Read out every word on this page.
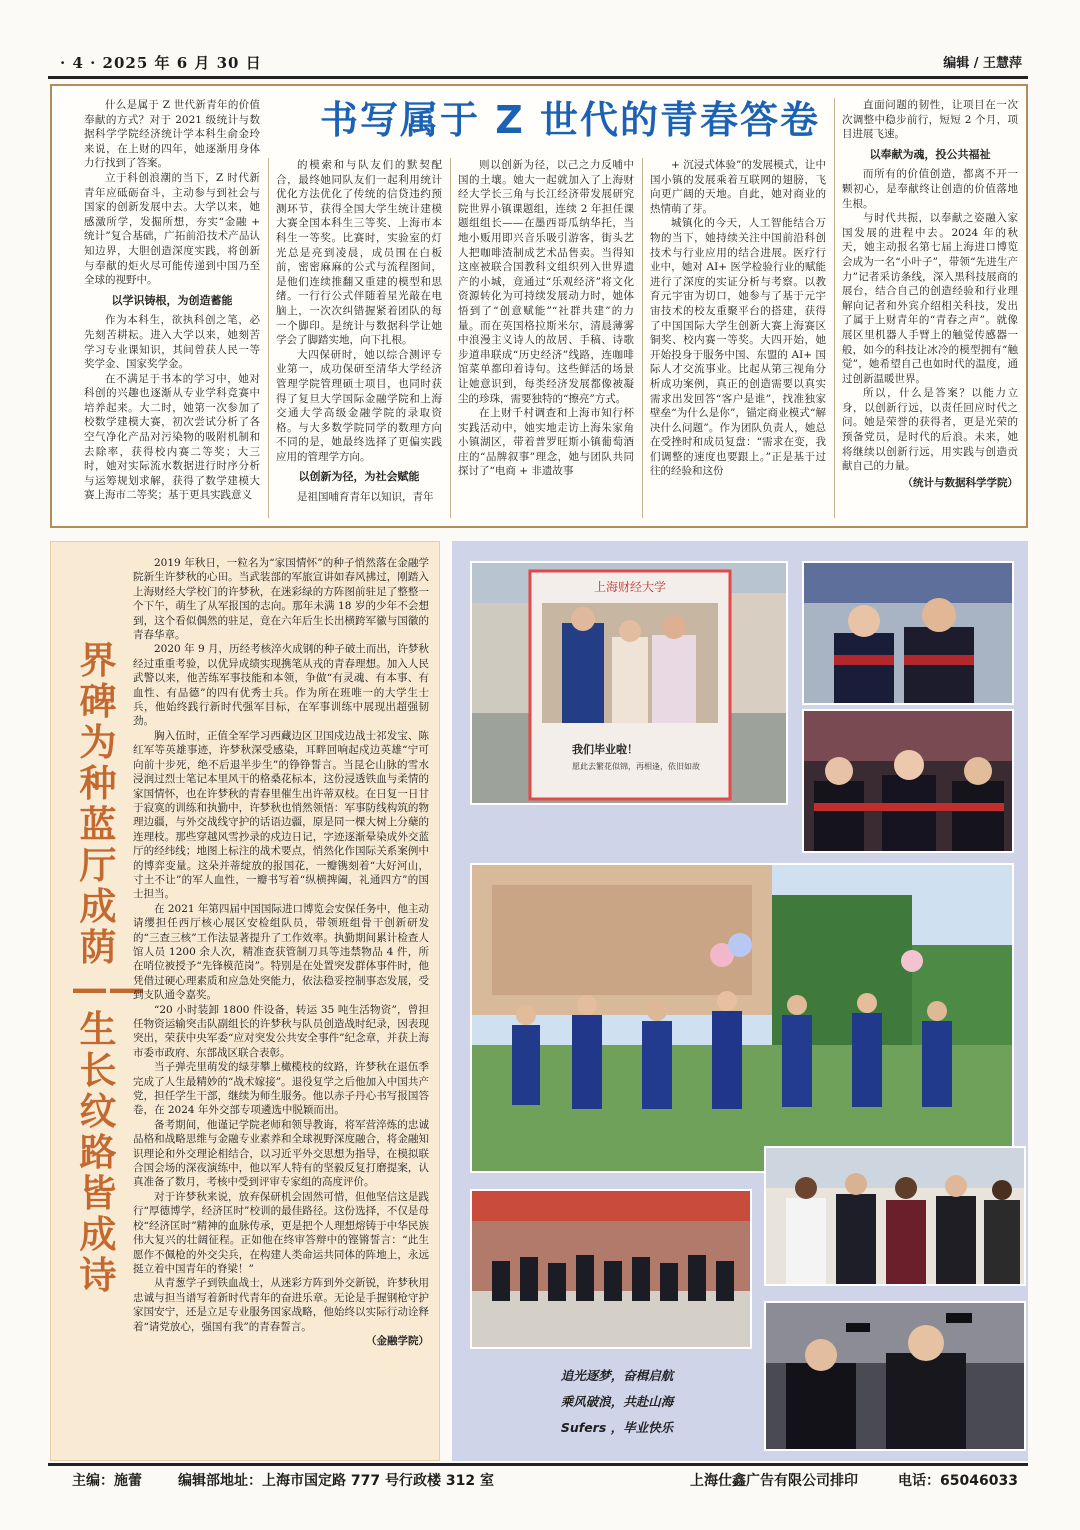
· 4 · 2025 年 6 月 30 日	编辑 / 王慧萍
书写属于 Z 世代的青春答卷

什么是属于 Z 世代新青年的价值奉献的方式？对于 2021 级统计与数据科学学院经济统计学本科生俞金玲来说，在上财的四年，她逐渐用身体力行找到了答案。

立于科创浪潮的当下，Z 时代新青年应砥砺奋斗，主动参与到社会与国家的创新发展中去。大学以来，她感激所学，发掘所想，夯实“金融 + 统计”复合基础，广拓前沿技术产品认知边界，大胆创造深度实践，将创新与奉献的炬火尽可能传递到中国乃至全球的视野中。

以学识铸根，为创造蓄能

作为本科生，欲执科创之笔，必先刻苦耕耘。进入大学以来，她刻苦学习专业课知识，其间曾获人民一等奖学金、国家奖学金。

在不满足于书本的学习中，她对科创的兴趣也逐渐从专业学科竞赛中培养起来。大二时，她第一次参加了校数学建模大赛，初次尝试分析了各空气净化产品对污染物的吸附机制和去除率，获得校内赛二等奖；大三时，她对实际流水数据进行时序分析与运筹规划求解，获得了数学建模大赛上海市二等奖；基于更具实践意义

的模索和与队友们的默契配合，最终她同队友们一起利用统计优化方法优化了传统的信贷违约预测环节，获得全国大学生统计建模大赛全国本科生三等奖、上海市本科生一等奖。比赛时，实验室的灯光总是亮到凌晨，成员围在白板前，密密麻麻的公式与流程图间，是他们连续推翻又重建的模型和思绪。一行行公式伴随着星光敲在电脑上，一次次纠错握紧着团队的每一个脚印。是统计与数据科学让她学会了脚踏实地，向下扎根。

大四保研时，她以综合测评专业第一，成功保研至清华大学经济管理学院管理硕士项目，也同时获得了复旦大学国际金融学院和上海交通大学高级金融学院的录取资格。与大多数学院同学的数理方向不同的是，她最终选择了更偏实践应用的管理学方向。

以创新为径，为社会赋能

是祖国哺育青年以知识，青年

则以创新为径，以己之力反哺中国的土壤。她大一起就加入了上海财经大学长三角与长江经济带发展研究院世界小镇课题组，连续 2 年担任课题组组长——在墨西哥瓜纳华托，当地小贩用即兴音乐吸引游客，街头艺人把咖啡渣制成艺术品售卖。当得知这座被联合国教科文组织列入世界遗产的小城，竟通过“乐观经济”将文化资源转化为可持续发展动力时，她体悟到了“创意赋能”“社群共建”的力量。而在英国格拉斯米尔，清晨薄雾中浪漫主义诗人的故居、手稿、诗歌步道串联成“历史经济”线路，连咖啡馆菜单都印着诗句。这些鲜活的场景让她意识到，每类经济发展都像被凝尘的珍珠，需要独特的“擦亮”方式。

在上财千村调查和上海市知行杯实践活动中，她实地走访上海朱家角小镇湖区，带着普罗旺斯小镇葡萄酒庄的“品牌叙事”理念，她与团队共同探讨了“电商 + 非遗故事

+ 沉浸式体验”的发展模式，让中国小镇的发展乘着互联网的翅膀，飞向更广阔的天地。自此，她对商业的热情萌了芽。

城镇化的今天，人工智能结合万物的当下，她持续关注中国前沿科创技术与行业应用的结合进展。医疗行业中，她对 AI+ 医学检验行业的赋能进行了深度的实证分析与考察。以教育元宇宙为切口，她参与了基于元宇宙技术的校友重聚平台的搭建，获得了中国国际大学生创新大赛上海赛区铜奖、校内赛一等奖。大四开始，她开始投身于服务中国、东盟的 AI+ 国际人才交流事业。比起从第三视角分析成功案例，真正的创造需要以真实需求出发回答“客户是谁”，找准独家壁垒“为什么是你”，锚定商业模式“解决什么问题”。作为团队负责人，她总在受挫时和成员复盘：“需求在变，我们调整的速度也要跟上。”正是基于过往的经验和这份

直面问题的韧性，让项目在一次次调整中稳步前行，短短 2 个月，项目进展飞速。

以奉献为魂，投公共福祉

而所有的价值创造，都离不开一颗初心，是奉献终让创造的价值落地生根。

与时代共振，以奉献之姿融入家国发展的进程中去。2024 年的秋天，她主动报名第七届上海进口博览会成为一名“小叶子”，带领“先进生产力”记者采访条线，深入黑科技展商的展台，结合自己的创造经验和行业理解向记者和外宾介绍相关科技，发出了属于上财青年的“青春之声”。就像展区里机器人手臂上的触觉传感器一般，如今的科技让冰冷的模型拥有“触觉”，她希望自己也如时代的温度，通过创新温暖世界。

所以，什么是答案？以能力立身，以创新行远，以责任回应时代之问。她是荣誉的获得者，更是光荣的预备党员，是时代的后浪。未来，她将继续以创新行远，用实践与创造贡献自己的力量。

（统计与数据科学学院）

界碑为种 蓝厅成荫——生长纹路皆成诗

2019 年秋日，一粒名为“家国情怀”的种子悄然落在金融学院新生许梦秋的心田。当武装部的军旅宣讲如春风拂过，刚踏入上海财经大学校门的许梦秋，在迷彩绿的方阵图前驻足了整整一个下午，萌生了从军报国的志向。那年未满 18 岁的少年不会想到，这个看似偶然的驻足，竟在六年后生长出横跨军徽与国徽的青春华章。

2020 年 9 月，历经考核淬火成钢的种子破土而出，许梦秋经过重重考验，以优异成绩实现携笔从戎的青春理想。加入人民武警以来，他苦练军事技能和本领，争做“有灵魂、有本事、有血性、有品德”的四有优秀士兵。作为所在班唯一的大学生士兵，他始终践行新时代强军目标，在军事训练中展现出超强韧劲。

胸入伍时，正值全军学习西藏边区卫国戍边战士祁发宝、陈红军等英雄事迹，许梦秋深受感染，耳畔回响起戍边英雄“宁可向前十步死，绝不后退半步生”的铮铮誓言。当昆仑山脉的雪水浸润过烈士笔记本里风干的格桑花标本，这份浸透铁血与柔情的家国情怀，也在许梦秋的青春里催生出许蒂双枝。在日复一日甘于寂寞的训练和执勤中，许梦秋也悄然领悟：军事防线构筑的物理边疆，与外交战线守护的话语边疆，原是同一棵大树上分蘖的连理枝。那些穿越风雪抄录的戍边日记，字迹逐渐晕染成外交蓝厅的经纬线；地图上标注的战术要点，悄然化作国际关系案例中的博弈变量。这朵并蒂绽放的报国花，一瓣镌刻着“大好河山，寸土不让”的军人血性，一瓣书写着“纵横捭阖，礼通四方”的国士担当。

在 2021 年第四届中国国际进口博览会安保任务中，他主动请缨担任西厅核心展区安检组队员，带领班组骨干创新研发的“三查三核”工作法显著提升了工作效率。执勤期间累计检查人馆人员 1200 余人次，精准查获管制刀具等违禁物品 4 件，所在哨位被授予“先锋模范岗”。特别是在处置突发群体事件时，他凭借过硬心理素质和应急处突能力，依法稳妥控制事态发展，受到支队通令嘉奖。

“20 小时装卸 1800 件设备，转运 35 吨生活物资”，曾担任物资运输突击队副组长的许梦秋与队员创造战时纪录，因表现突出，荣获中央军委“应对突发公共安全事件”纪念章，并获上海市委市政府、东部战区联合表彰。

当子弹壳里萌发的绿芽攀上橄榄枝的纹路，许梦秋在退伍季完成了人生最精妙的“战术嫁接”。退役复学之后他加入中国共产党，担任学生干部，继续为师生服务。他以赤子丹心书写报国答卷，在 2024 年外交部专项遴选中脱颖而出。

备考期间，他谨记学院老师和领导教诲，将军营淬炼的忠诚品格和战略思维与金融专业素养和全球视野深度融合，将金融知识理论和外交理论相结合，以习近平外交思想为指导，在模拟联合国会场的深夜演练中，他以军人特有的坚毅反复打磨提案，认真准备了数月，考核中受到评审专家组的高度评价。

对于许梦秋来说，放弃保研机会固然可惜，但他坚信这是践行“厚德博学，经济匡时”校训的最佳路径。这份选择，不仅是母校“经济匡时”精神的血脉传承，更是把个人理想熔铸于中华民族伟大复兴的壮阔征程。正如他在终审答辩中的铿锵誓言：“此生愿作不佩枪的外交尖兵，在构建人类命运共同体的阵地上，永远挺立着中国青年的脊梁！”

从青葱学子到铁血战士，从迷彩方阵到外交新锐，许梦秋用忠诚与担当谱写着新时代青年的奋进乐章。无论是手握钢枪守护家国安宁，还是立足专业服务国家战略，他始终以实际行动诠释着“请党放心，强国有我”的青春誓言。

（金融学院）

上海财经大学
我们毕业啦！
愿此去繁花似锦，再相逢，依旧如故
追光逐梦，奋楫启航
乘风破浪，共赴山海
Sufers ，毕业快乐
主编：施蕾	编辑部地址：上海市国定路 777 号行政楼 312 室	上海仕鑫广告有限公司排印	电话：65046033
